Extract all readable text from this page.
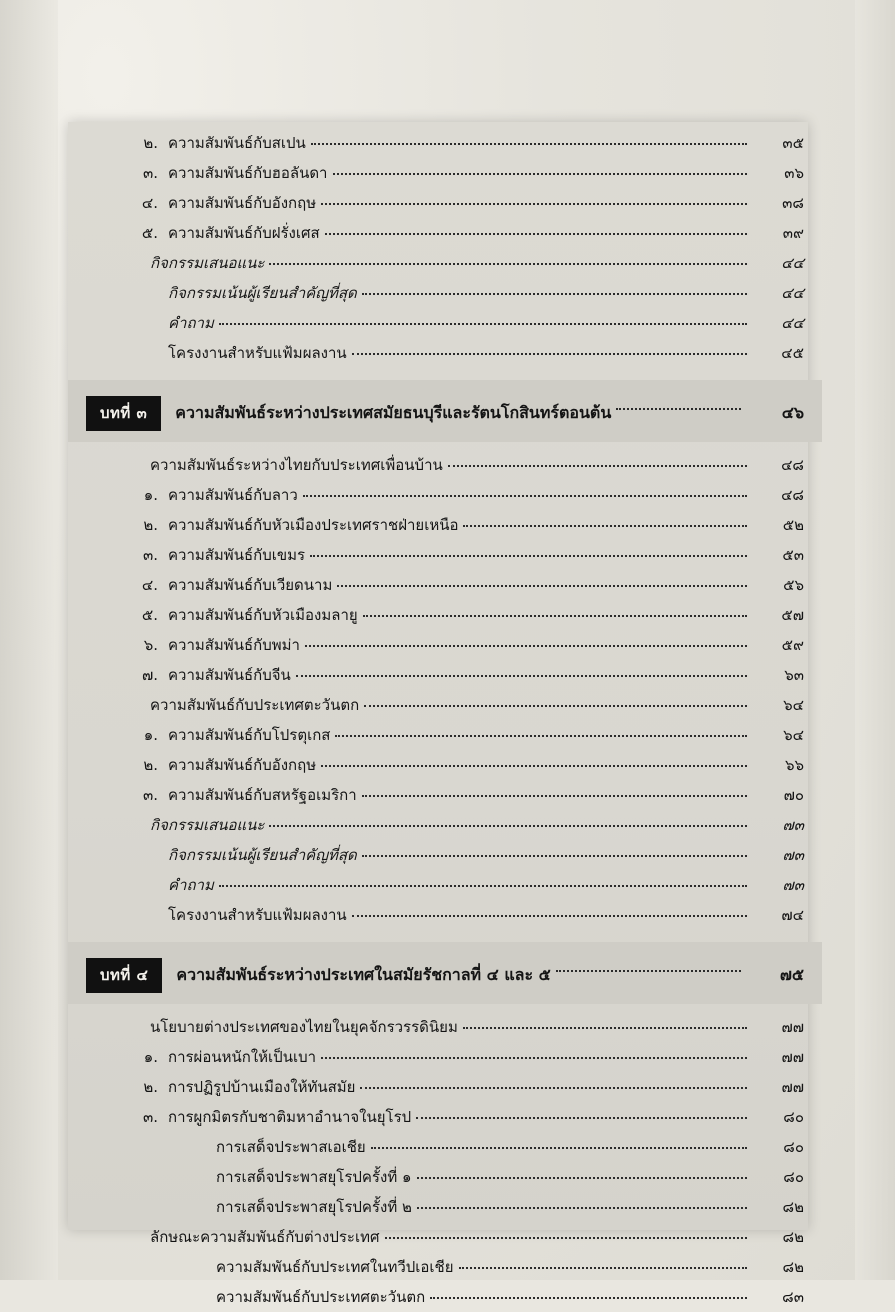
๒. ความสัมพันธ์กับสเปน	๓๕
๓. ความสัมพันธ์กับฮอลันดา	๓๖
๔. ความสัมพันธ์กับอังกฤษ	๓๘
๕. ความสัมพันธ์กับฝรั่งเศส	๓๙
กิจกรรมเสนอแนะ	๔๔
กิจกรรมเน้นผู้เรียนสำคัญที่สุด	๔๔
คำถาม	๔๔
โครงงานสำหรับแฟ้มผลงาน	๔๕
บทที่ ๓	ความสัมพันธ์ระหว่างประเทศสมัยธนบุรีและรัตนโกสินทร์ตอนต้น	๔๖
ความสัมพันธ์ระหว่างไทยกับประเทศเพื่อนบ้าน	๔๘
๑. ความสัมพันธ์กับลาว	๔๘
๒. ความสัมพันธ์กับหัวเมืองประเทศราชฝ่ายเหนือ	๕๒
๓. ความสัมพันธ์กับเขมร	๕๓
๔. ความสัมพันธ์กับเวียดนาม	๕๖
๕. ความสัมพันธ์กับหัวเมืองมลายู	๕๗
๖. ความสัมพันธ์กับพม่า	๕๙
๗. ความสัมพันธ์กับจีน	๖๓
ความสัมพันธ์กับประเทศตะวันตก	๖๔
๑. ความสัมพันธ์กับโปรตุเกส	๖๔
๒. ความสัมพันธ์กับอังกฤษ	๖๖
๓. ความสัมพันธ์กับสหรัฐอเมริกา	๗๐
กิจกรรมเสนอแนะ	๗๓
กิจกรรมเน้นผู้เรียนสำคัญที่สุด	๗๓
คำถาม	๗๓
โครงงานสำหรับแฟ้มผลงาน	๗๔
บทที่ ๔	ความสัมพันธ์ระหว่างประเทศในสมัยรัชกาลที่ ๔ และ ๕	๗๕
นโยบายต่างประเทศของไทยในยุคจักรวรรดินิยม	๗๗
๑. การผ่อนหนักให้เป็นเบา	๗๗
๒. การปฏิรูปบ้านเมืองให้ทันสมัย	๗๗
๓. การผูกมิตรกับชาติมหาอำนาจในยุโรป	๘๐
การเสด็จประพาสเอเชีย	๘๐
การเสด็จประพาสยุโรปครั้งที่ ๑	๘๐
การเสด็จประพาสยุโรปครั้งที่ ๒	๘๒
ลักษณะความสัมพันธ์กับต่างประเทศ	๘๒
ความสัมพันธ์กับประเทศในทวีปเอเชีย	๘๒
ความสัมพันธ์กับประเทศตะวันตก	๘๓
